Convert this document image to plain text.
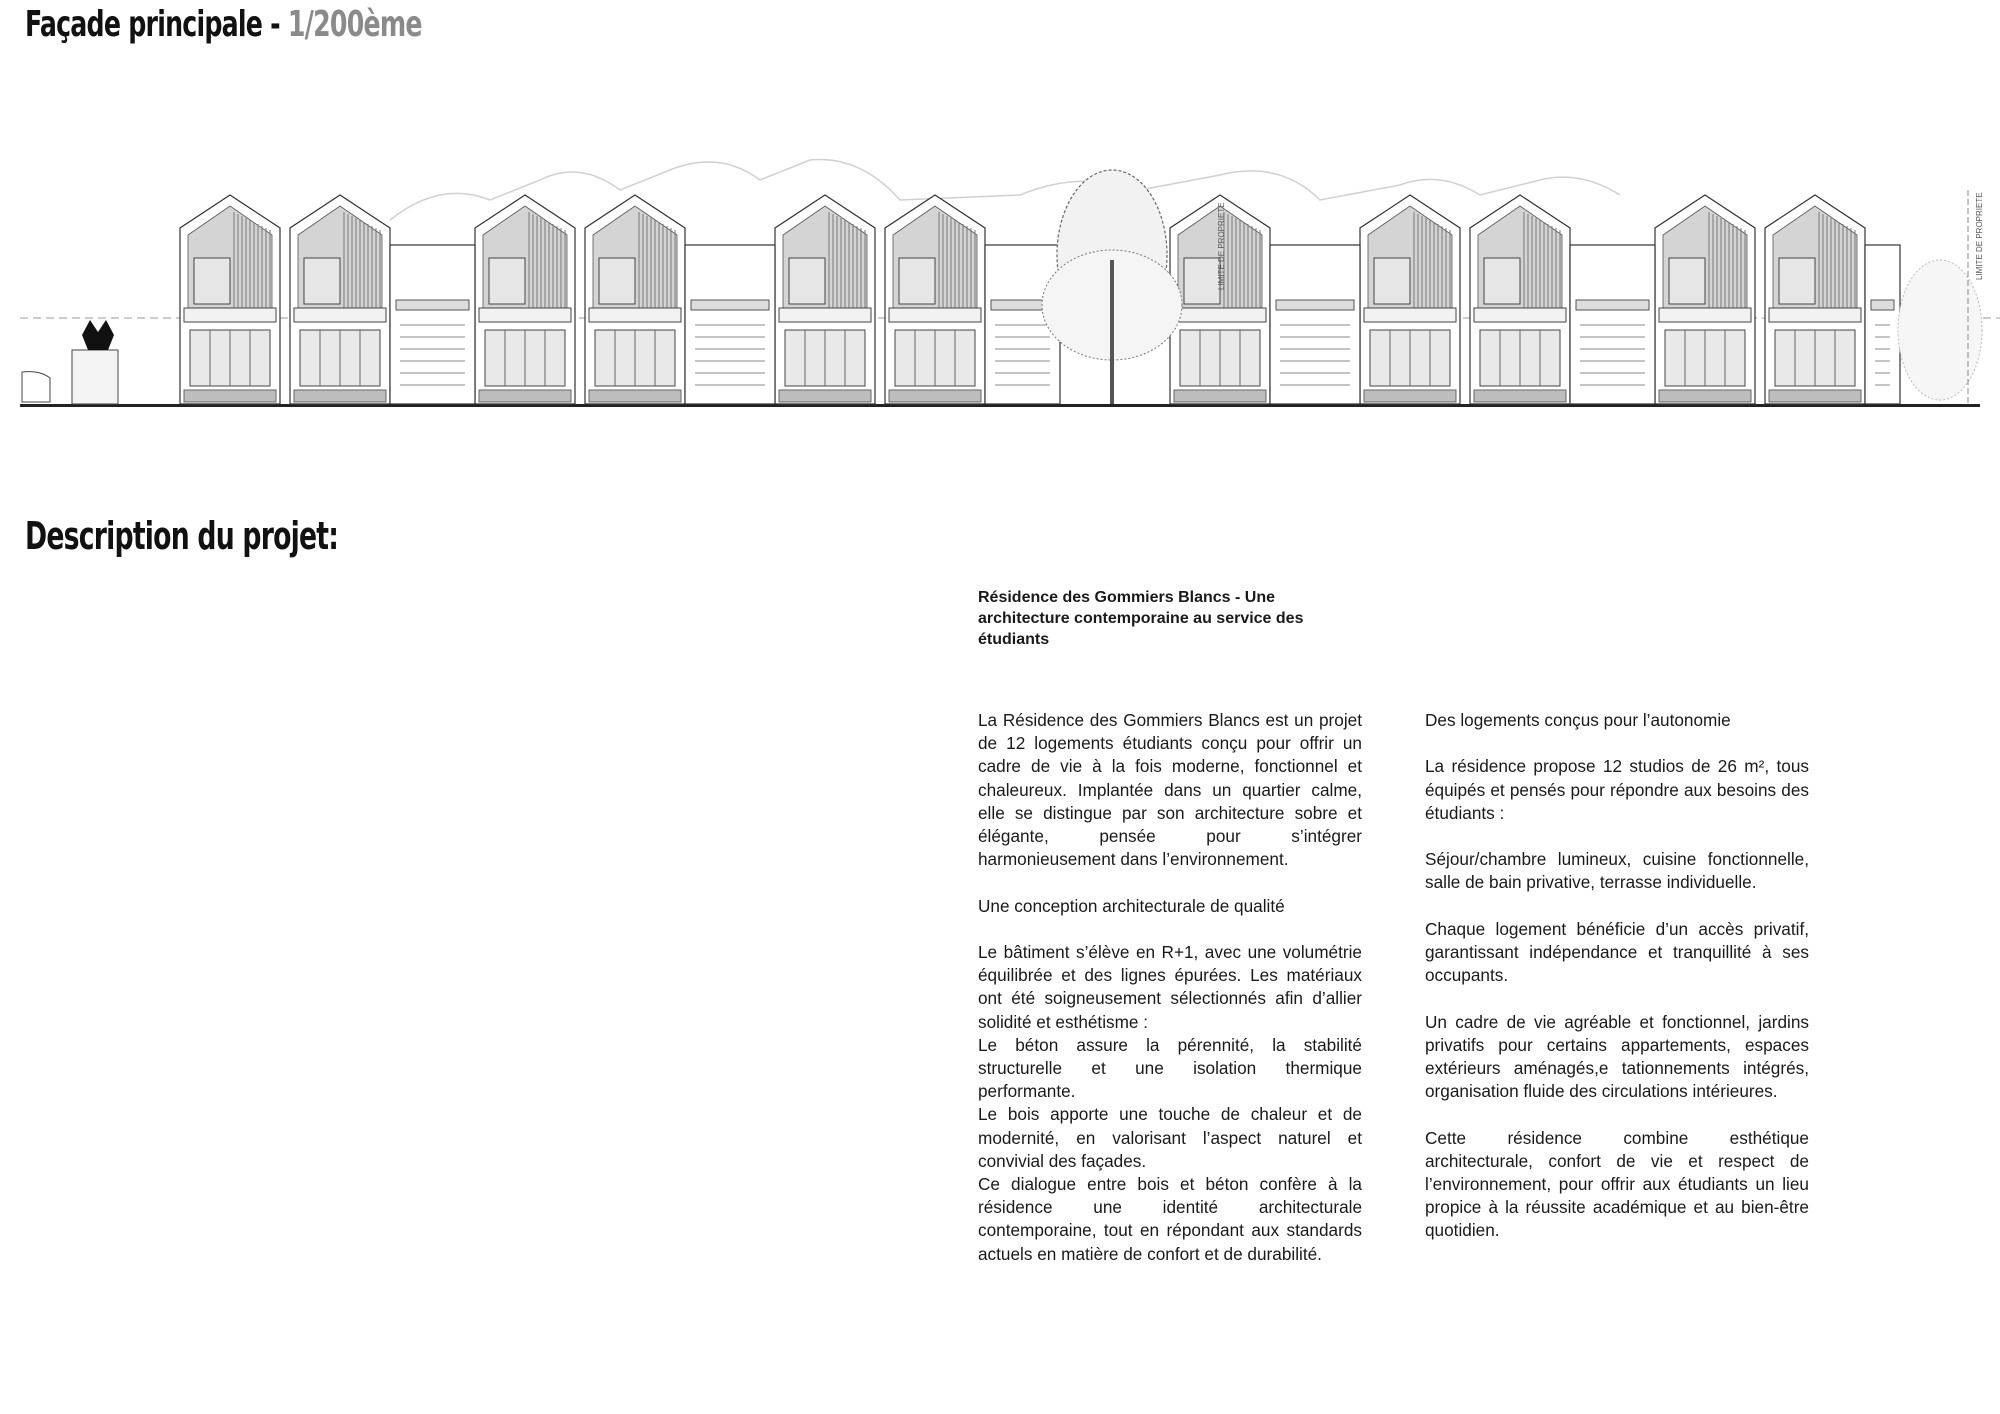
Façade principale - 1/200ème
LIMITE DE PROPRIETE	LIMITE DE PROPRIETE
Description du projet:

Résidence des Gommiers Blancs - Une architecture contemporaine au service des étudiants

La Résidence des Gommiers Blancs est un projet de 12 logements étudiants conçu pour offrir un cadre de vie à la fois moderne, fonctionnel et chaleureux. Implantée dans un quartier calme, elle se distingue par son architecture sobre et élégante, pensée pour s’intégrer harmonieusement dans l’environnement.

Une conception architecturale de qualité

Le bâtiment s’élève en R+1, avec une volumétrie équilibrée et des lignes épurées. Les matériaux ont été soigneusement sélectionnés afin d’allier solidité et esthétisme :

Le béton assure la pérennité, la stabilité structurelle et une isolation thermique performante.

Le bois apporte une touche de chaleur et de modernité, en valorisant l’aspect naturel et convivial des façades.

Ce dialogue entre bois et béton confère à la résidence une identité architecturale contemporaine, tout en répondant aux standards actuels en matière de confort et de durabilité.

Des logements conçus pour l’autonomie

La résidence propose 12 studios de 26 m², tous équipés et pensés pour répondre aux besoins des étudiants :

Séjour/chambre lumineux, cuisine fonctionnelle, salle de bain privative, terrasse individuelle.

Chaque logement bénéficie d’un accès privatif, garantissant indépendance et tranquillité à ses occupants.

Un cadre de vie agréable et fonctionnel, jardins privatifs pour certains appartements, espaces extérieurs aménagés,e tationnements intégrés, organisation fluide des circulations intérieures.

Cette résidence combine esthétique architecturale, confort de vie et respect de l’environnement, pour offrir aux étudiants un lieu propice à la réussite académique et au bien-être quotidien.
